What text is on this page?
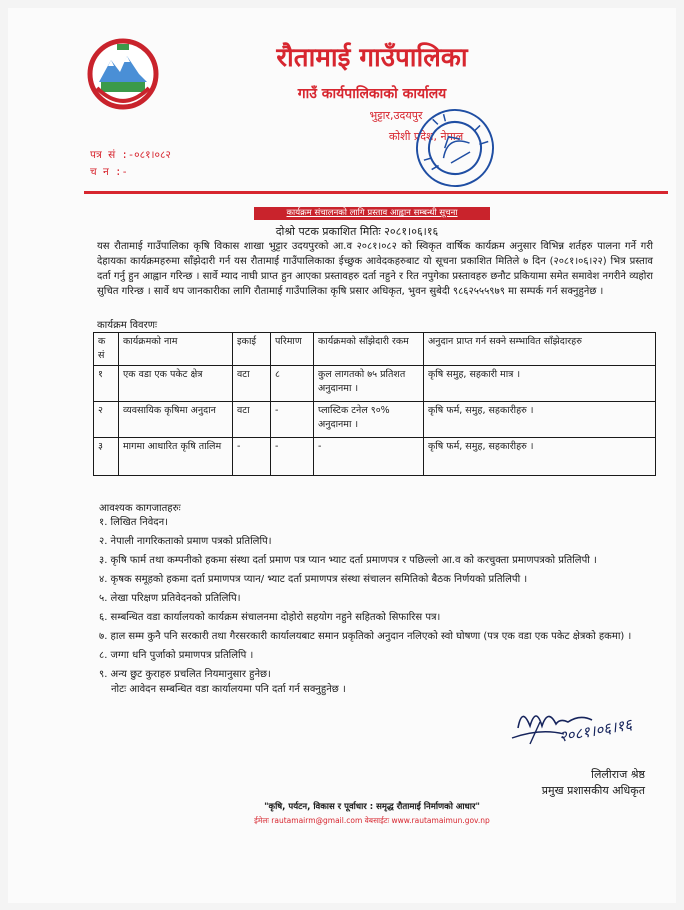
रौतामाई गाउँपालिका
गाउँ कार्यपालिकाको कार्यालय
भुट्टार,उदयपुर
कोशी प्रदेश, नेपाल
पत्र सं :-०८१।०८२
च न :-
कार्यक्रम संचालनको लागि प्रस्ताव आह्वान सम्बन्धी सूचना
दोश्रो पटक प्रकाशित मितिः २०८१।०६।१६
यस रौतामाई गाउँपालिका कृषि विकास शाखा भुट्टार उदयपुरको आ.व २०८१।०८२ को स्विकृत वार्षिक कार्यक्रम अनुसार विभिन्न शर्तहरु पालना गर्ने गरी देहायका कार्यक्रमहरुमा साँझेदारी गर्न यस रौतामाई गाउँपालिकाका ईच्छुक आवेदकहरुबाट यो सूचना प्रकाशित मितिले ७ दिन (२०८१।०६।२२) भित्र प्रस्ताव दर्ता गर्नु हुन आह्वान गरिन्छ । सार्वे म्याद नाघी प्राप्त हुन आएका प्रस्तावहरु दर्ता नहुने र रित नपुगेका प्रस्तावहरु छनौट प्रकियामा समेत समावेश नगरीने व्यहोरा सुचित गरिन्छ । सार्वे थप जानकारीका लागि रौतामाई गाउँपालिका कृषि प्रसार अधिकृत, भुवन सुबेदी ९८६२५५५९७९ मा सम्पर्क गर्न सक्नुहुनेछ ।
कार्यक्रम विवरणः
क सं	कार्यक्रमको नाम	इकाई	परिमाण	कार्यक्रमको साँझेदारी रकम	अनुदान प्राप्त गर्न सक्ने सम्भावित साँझेदारहरु
१	एक वडा एक पकेट क्षेत्र	वटा	८	कुल लागतको ७५ प्रतिशत अनुदानमा ।	कृषि समुह, सहकारी मात्र ।
२	व्यवसायिक कृषिमा अनुदान	वटा	-	प्लास्टिक टनेल ९०% अनुदानमा ।	कृषि फर्म, समुह, सहकारीहरु ।
३	मागमा आधारित कृषि तालिम	-	-	-	कृषि फर्म, समुह, सहकारीहरु ।
आवश्यक कागजातहरुः
१. लिखित निवेदन।
२. नेपाली नागरिकताको प्रमाण पत्रको प्रतिलिपि।
३. कृषि फार्म तथा कम्पनीको हकमा संस्था दर्ता प्रमाण पत्र प्यान भ्याट दर्ता प्रमाणपत्र र पछिल्लो आ.व को करचुक्ता प्रमाणपत्रको प्रतिलिपी ।
४. कृषक समूहको हकमा दर्ता प्रमाणपत्र प्यान/ भ्याट दर्ता प्रमाणपत्र संस्था संचालन समितिको बैठक निर्णयको प्रतिलिपी ।
५. लेखा परिक्षण प्रतिवेदनको प्रतिलिपि।
६. सम्बन्धित वडा कार्यालयको कार्यक्रम संचालनमा दोहोरो सहयोग नहुने सहितको सिफारिस पत्र।
७. हाल सम्म कुनै पनि सरकारी तथा गैरसरकारी कार्यालयबाट समान प्रकृतिको अनुदान नलिएको स्वो घोषणा (पत्र एक वडा एक पकेट क्षेत्रको हकमा) ।
८. जग्गा धनि पुर्जाको प्रमाणपत्र प्रतिलिपि ।
९. अन्य छुट कुराहरु प्रचलित नियमानुसार हुनेछ।
नोटः आवेदन सम्बन्धित वडा कार्यालयमा पनि दर्ता गर्न सक्नुहुनेछ ।
२०८१।०६।१६
लिलीराज श्रेष्ठ
प्रमुख प्रशासकीय अधिकृत
"कृषि, पर्यटन, विकास र पूर्वाधार : समृद्ध रौतामाई निर्माणको आधार"
ईमेलः rautamairm@gmail.com वेबसाईटः www.rautamaimun.gov.np
